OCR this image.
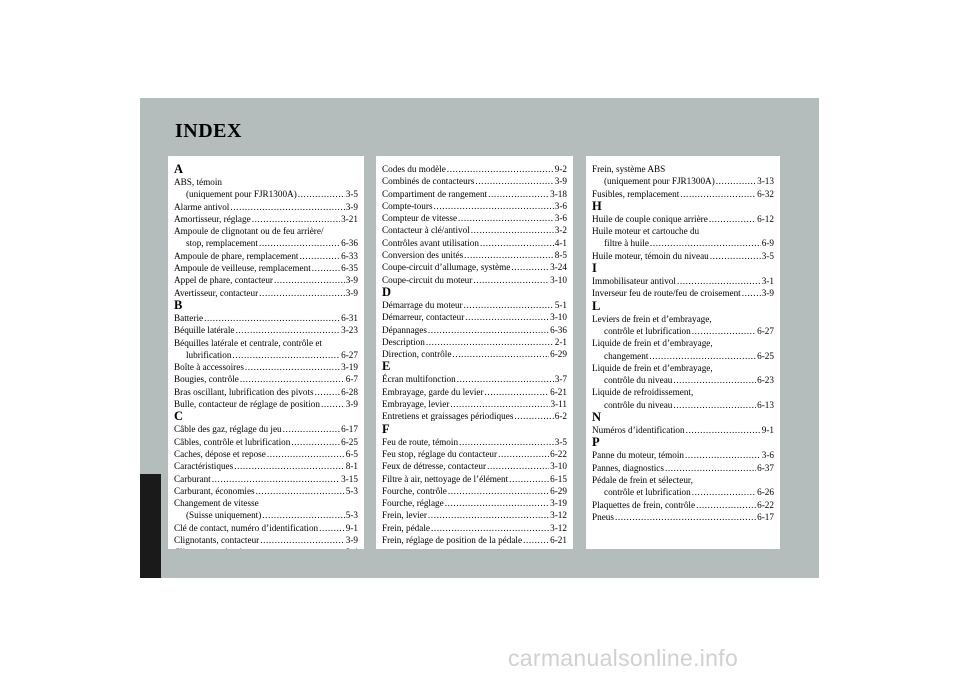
INDEX
A
ABS, témoin
(uniquement pour FJR1300A) .....	3-5
Alarme antivol .....	3-9
Amortisseur, réglage .....	3-21
Ampoule de clignotant ou de feu arrière/
stop, remplacement .....	6-36
Ampoule de phare, remplacement .....	6-33
Ampoule de veilleuse, remplacement .....	6-35
Appel de phare, contacteur .....	3-9
Avertisseur, contacteur .....	3-9
B
Batterie .....	6-31
Béquille latérale .....	3-23
Béquilles latérale et centrale, contrôle et
lubrification .....	6-27
Boîte à accessoires .....	3-19
Bougies, contrôle .....	6-7
Bras oscillant, lubrification des pivots .....	6-28
Bulle, contacteur de réglage de position .....	3-9
C
Câble des gaz, réglage du jeu .....	6-17
Câbles, contrôle et lubrification .....	6-25
Caches, dépose et repose .....	6-5
Caractéristiques .....	8-1
Carburant .....	3-15
Carburant, économies .....	5-3
Changement de vitesse
(Suisse uniquement) .....	5-3
Clé de contact, numéro d’identification .....	9-1
Clignotants, contacteur .....	3-9
.....
Codes du modèle .....	9-2
Combinés de contacteurs .....	3-9
Compartiment de rangement .....	3-18
Compte-tours .....	3-6
Compteur de vitesse .....	3-6
Contacteur à clé/antivol .....	3-2
Contrôles avant utilisation .....	4-1
Conversion des unités .....	8-5
Coupe-circuit d’allumage, système .....	3-24
Coupe-circuit du moteur .....	3-10
D
Démarrage du moteur .....	5-1
Démarreur, contacteur .....	3-10
Dépannages .....	6-36
Description .....	2-1
Direction, contrôle .....	6-29
E
Écran multifonction .....	3-7
Embrayage, garde du levier .....	6-21
Embrayage, levier .....	3-11
Entretiens et graissages périodiques .....	6-2
F
Feu de route, témoin .....	3-5
Feu stop, réglage du contacteur .....	6-22
Feux de détresse, contacteur .....	3-10
Filtre à air, nettoyage de l’élément .....	6-15
Fourche, contrôle .....	6-29
Fourche, réglage .....	3-19
Frein, levier .....	3-12
Frein, pédale .....	3-12
Frein, réglage de position de la pédale .....	6-21
Frein, système ABS
(uniquement pour FJR1300A) .....	3-13
Fusibles, remplacement .....	6-32
H
Huile de couple conique arrière .....	6-12
Huile moteur et cartouche du
filtre à huile .....	6-9
Huile moteur, témoin du niveau .....	3-5
I
Immobilisateur antivol .....	3-1
Inverseur feu de route/feu de croisement ..... 3-9
L
Leviers de frein et d’embrayage,
contrôle et lubrification .....	6-27
Liquide de frein et d’embrayage,
changement .....	6-25
Liquide de frein et d’embrayage,
contrôle du niveau .....	6-23
Liquide de refroidissement,
contrôle du niveau .....	6-13
N
Numéros d’identification .....	9-1
P
Panne du moteur, témoin .....	3-6
Pannes, diagnostics .....	6-37
Pédale de frein et sélecteur,
contrôle et lubrification .....	6-26
Plaquettes de frein, contrôle .....	6-22
Pneus .....	6-17
carmanualsonline.info
